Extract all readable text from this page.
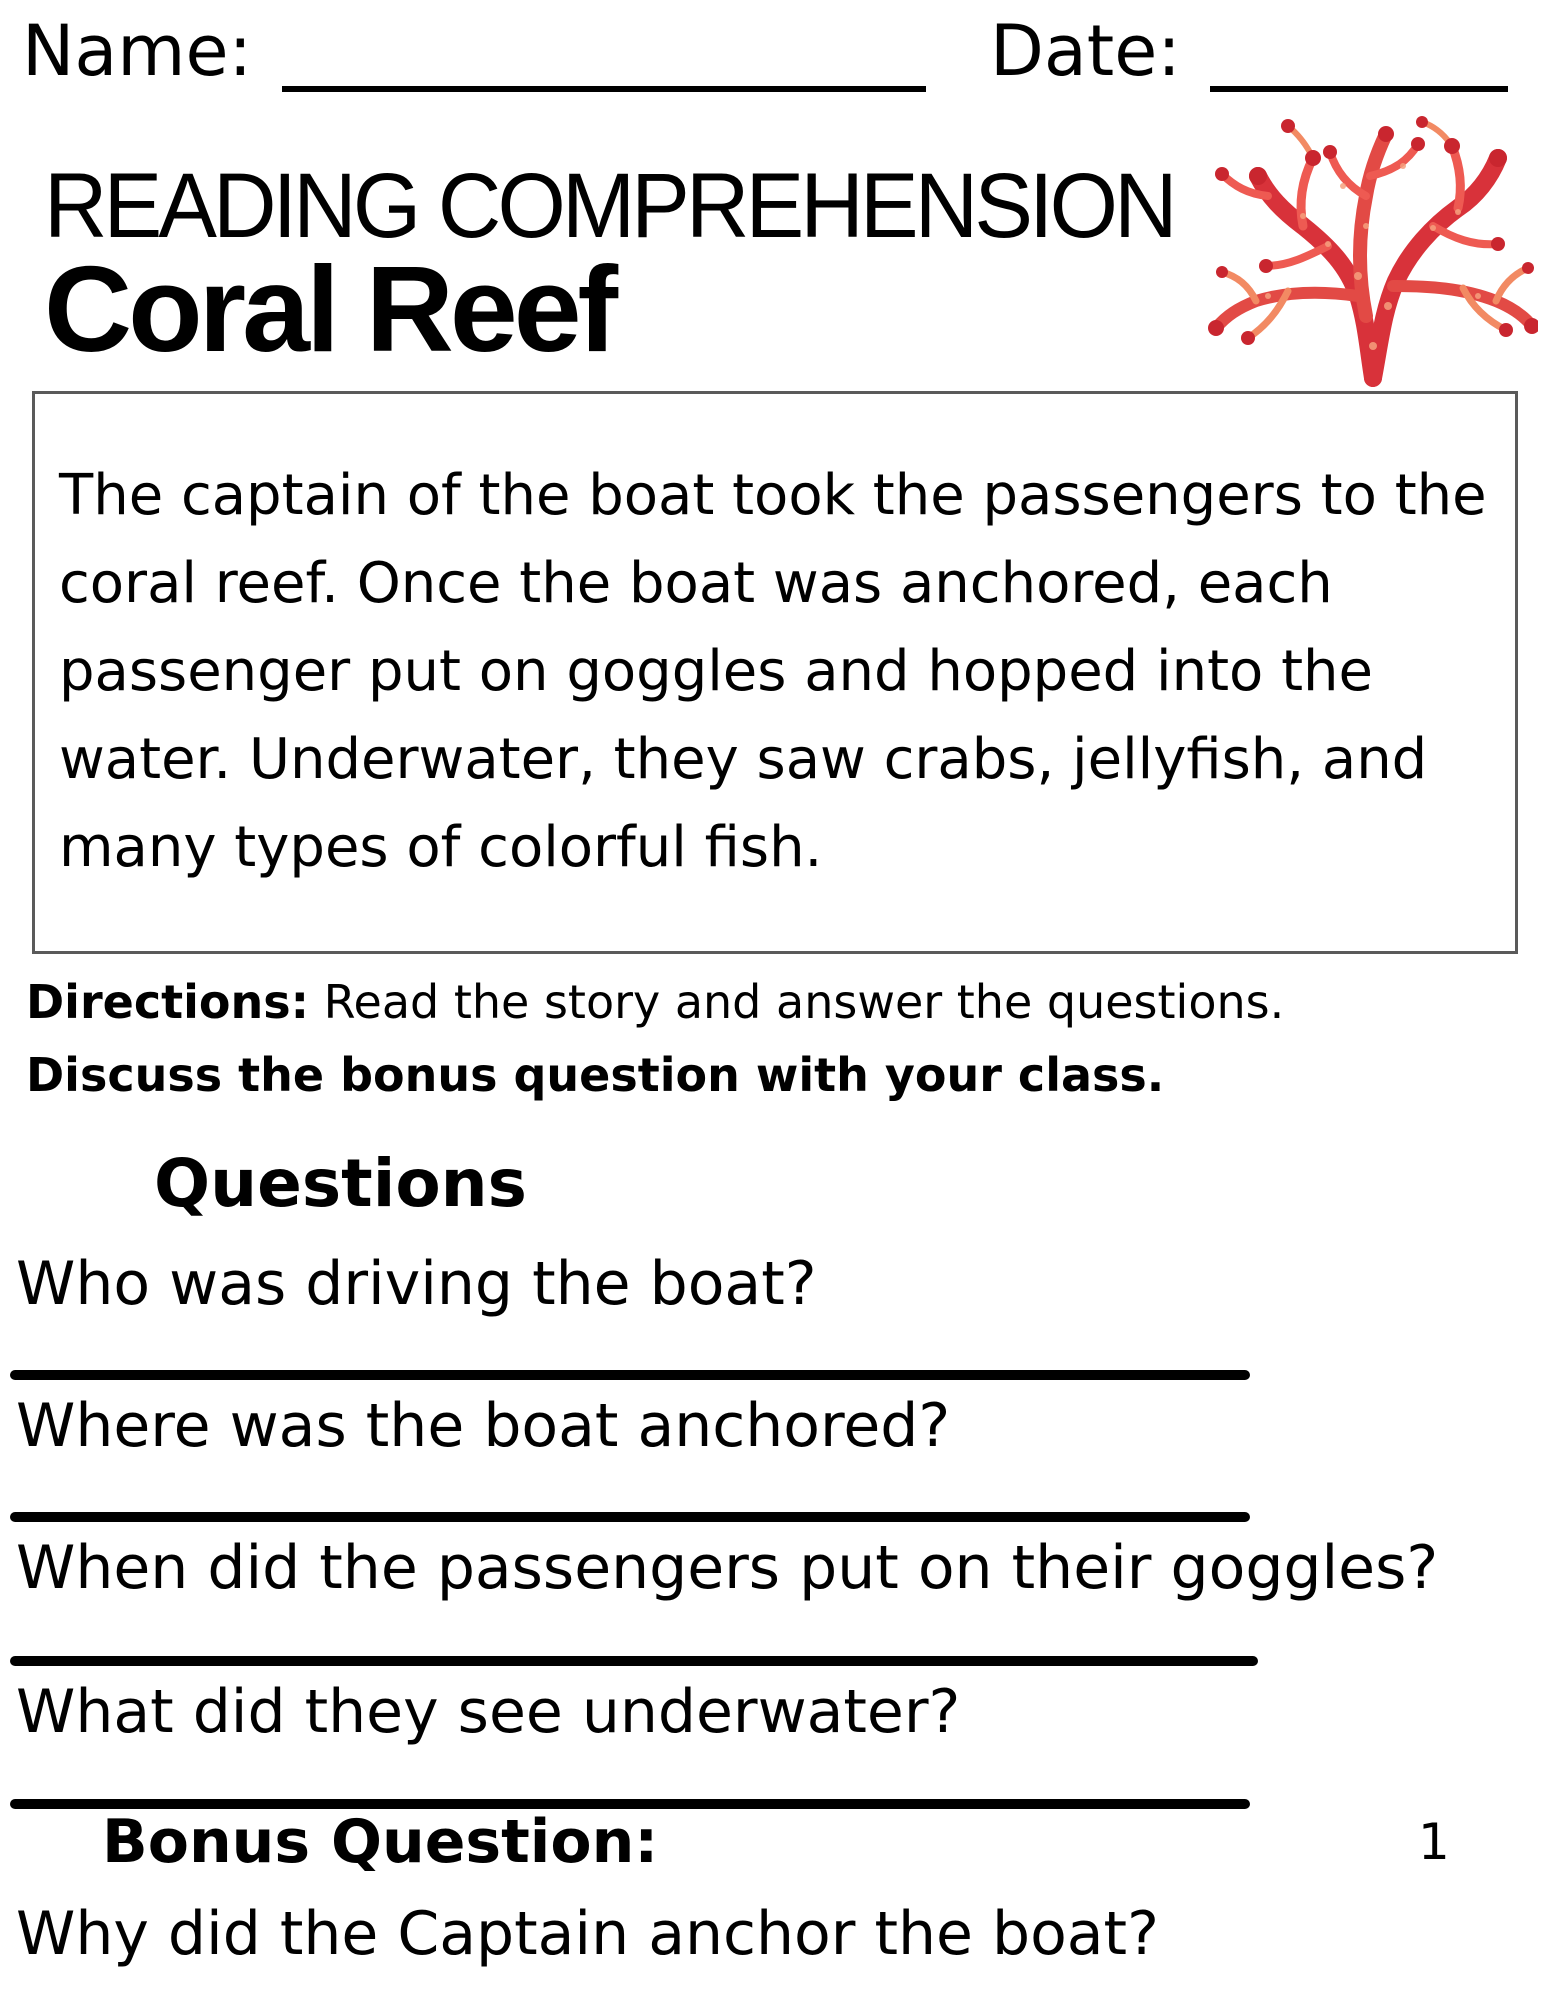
Name:	Date:
READING COMPREHENSION
Coral Reef

The captain of the boat took the passengers to the coral reef. Once the boat was anchored, each passenger put on goggles and hopped into the water. Underwater, they saw crabs, jellyfish, and many types of colorful fish.

Directions: Read the story and answer the questions.
Discuss the bonus question with your class.
Questions
Who was driving the boat?
Where was the boat anchored?
When did the passengers put on their goggles?
What did they see underwater?
Bonus Question:	1
Why did the Captain anchor the boat?
